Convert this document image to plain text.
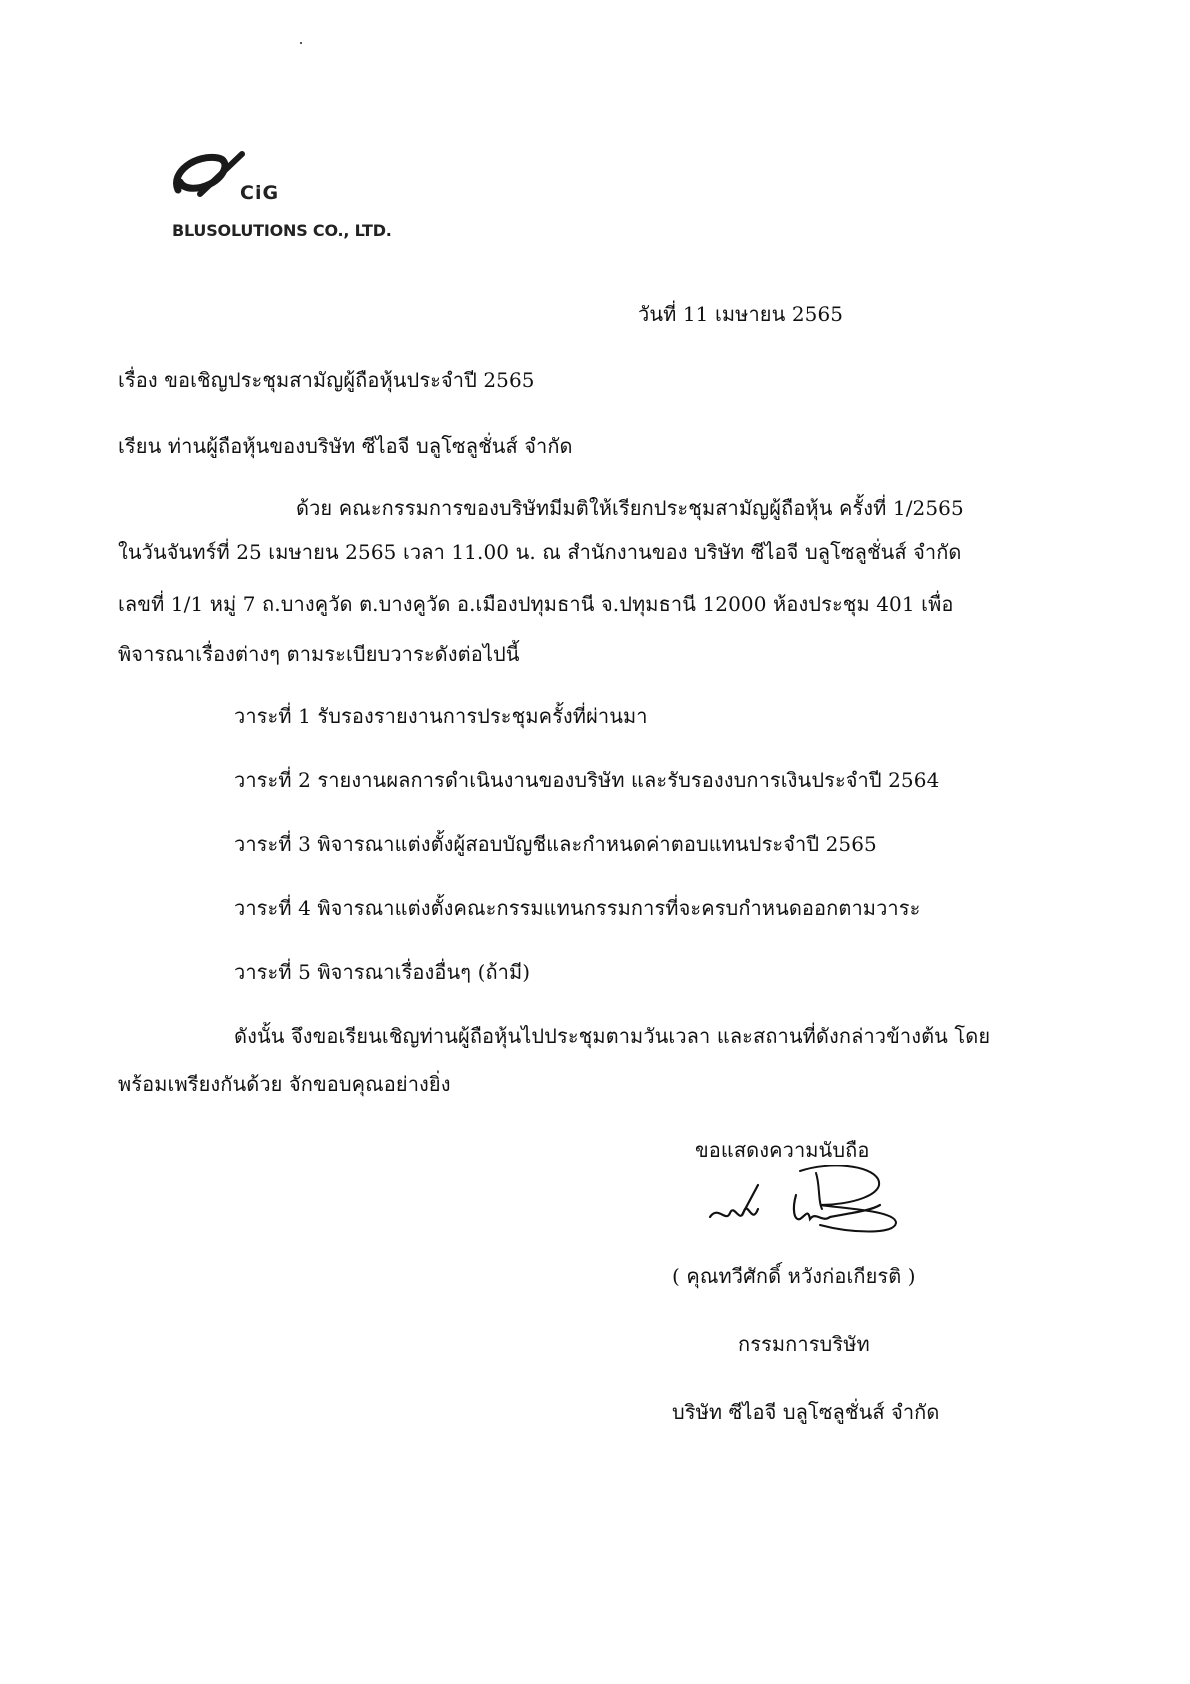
CiG
BLUSOLUTIONS CO., LTD.
วันที่ 11 เมษายน 2565
เรื่อง ขอเชิญประชุมสามัญผู้ถือหุ้นประจำปี 2565
เรียน ท่านผู้ถือหุ้นของบริษัท ซีไอจี บลูโซลูชั่นส์ จำกัด
ด้วย คณะกรรมการของบริษัทมีมติให้เรียกประชุมสามัญผู้ถือหุ้น ครั้งที่ 1/2565
ในวันจันทร์ที่ 25 เมษายน 2565 เวลา 11.00 น. ณ สำนักงานของ บริษัท ซีไอจี บลูโซลูชั่นส์ จำกัด
เลขที่ 1/1 หมู่ 7 ถ.บางคูวัด ต.บางคูวัด อ.เมืองปทุมธานี จ.ปทุมธานี 12000 ห้องประชุม 401 เพื่อ
พิจารณาเรื่องต่างๆ ตามระเบียบวาระดังต่อไปนี้
วาระที่ 1 รับรองรายงานการประชุมครั้งที่ผ่านมา
วาระที่ 2 รายงานผลการดำเนินงานของบริษัท และรับรองงบการเงินประจำปี 2564
วาระที่ 3 พิจารณาแต่งตั้งผู้สอบบัญชีและกำหนดค่าตอบแทนประจำปี 2565
วาระที่ 4 พิจารณาแต่งตั้งคณะกรรมแทนกรรมการที่จะครบกำหนดออกตามวาระ
วาระที่ 5 พิจารณาเรื่องอื่นๆ (ถ้ามี)
ดังนั้น จึงขอเรียนเชิญท่านผู้ถือหุ้นไปประชุมตามวันเวลา และสถานที่ดังกล่าวข้างต้น โดย
พร้อมเพรียงกันด้วย จักขอบคุณอย่างยิ่ง
ขอแสดงความนับถือ
( คุณทวีศักดิ์ หวังก่อเกียรติ )
กรรมการบริษัท
บริษัท ซีไอจี บลูโซลูชั่นส์ จำกัด
